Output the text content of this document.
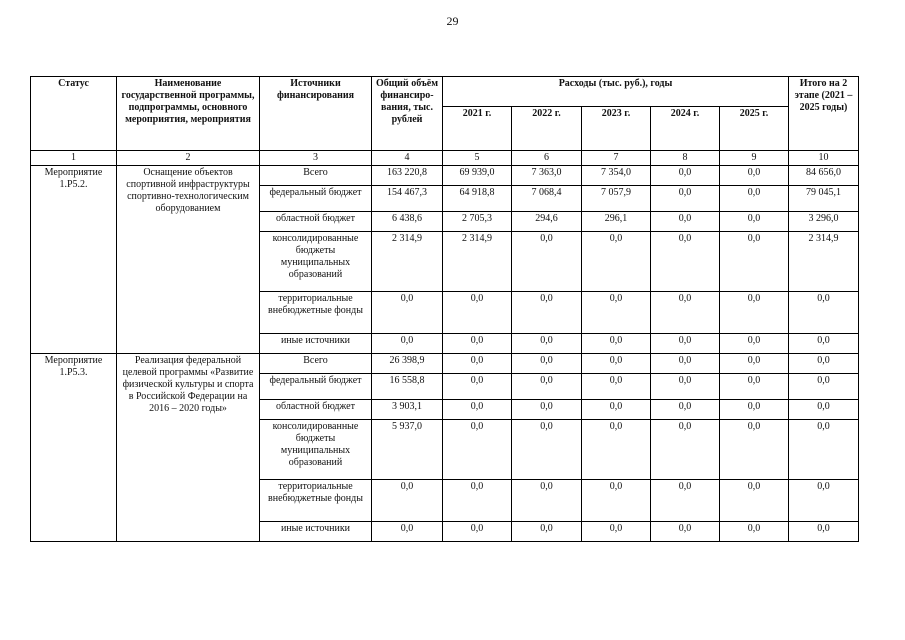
29
Статус	Наименование государственной программы, подпрограммы, основного мероприятия, мероприятия	Источники финансирования	Общий объём финансиро-вания, тыс. рублей	Расходы (тыс. руб.), годы					Итого на 2 этапе (2021 – 2025 годы)
				2021 г.	2022 г.	2023 г.	2024 г.	2025 г.	
1	2	3	4	5	6	7	8	9	10
Мероприятие 1.Р5.2.	Оснащение объектов спортивной инфраструктуры спортивно-технологическим оборудованием	Всего	163 220,8	69 939,0	7 363,0	7 354,0	0,0	0,0	84 656,0
		федеральный бюджет	154 467,3	64 918,8	7 068,4	7 057,9	0,0	0,0	79 045,1
		областной бюджет	6 438,6	2 705,3	294,6	296,1	0,0	0,0	3 296,0
		консолидированные бюджеты муниципальных образований	2 314,9	2 314,9	0,0	0,0	0,0	0,0	2 314,9
		территориальные внебюджетные фонды	0,0	0,0	0,0	0,0	0,0	0,0	0,0
		иные источники	0,0	0,0	0,0	0,0	0,0	0,0	0,0
Мероприятие 1.Р5.3.	Реализация федеральной целевой программы «Развитие физической культуры и спорта в Российской Федерации на 2016 – 2020 годы»	Всего	26 398,9	0,0	0,0	0,0	0,0	0,0	0,0
		федеральный бюджет	16 558,8	0,0	0,0	0,0	0,0	0,0	0,0
		областной бюджет	3 903,1	0,0	0,0	0,0	0,0	0,0	0,0
		консолидированные бюджеты муниципальных образований	5 937,0	0,0	0,0	0,0	0,0	0,0	0,0
		территориальные внебюджетные фонды	0,0	0,0	0,0	0,0	0,0	0,0	0,0
		иные источники	0,0	0,0	0,0	0,0	0,0	0,0	0,0
